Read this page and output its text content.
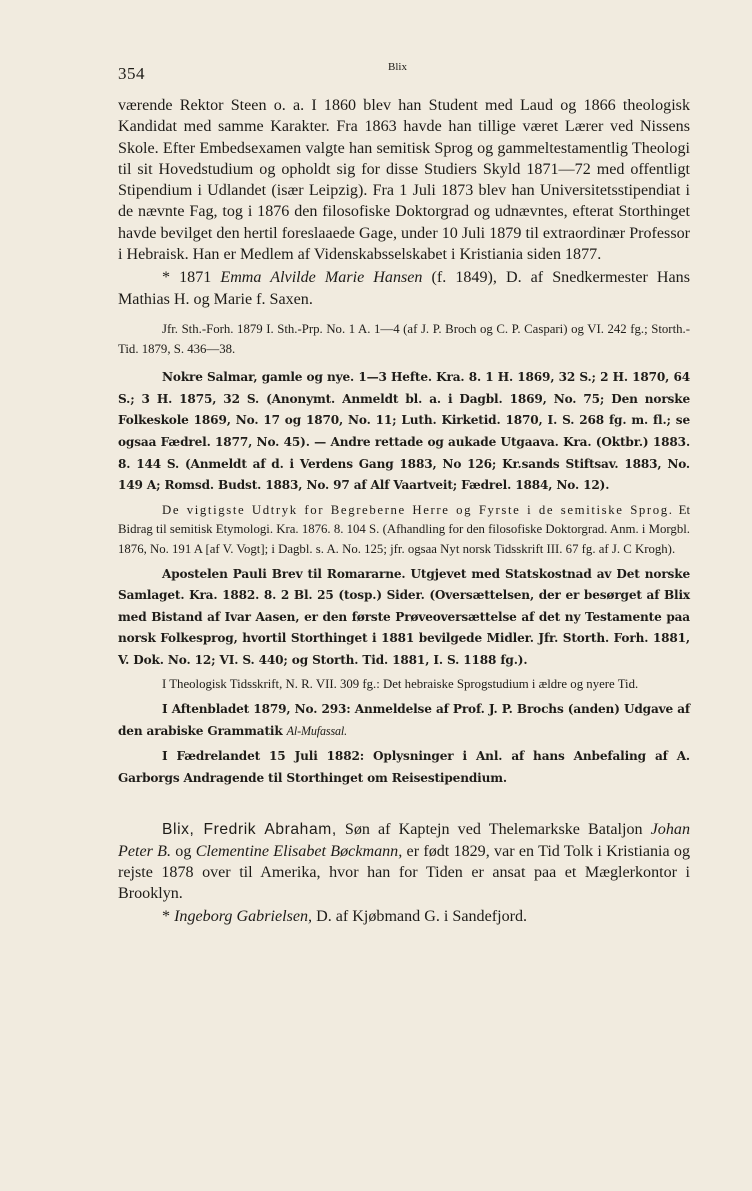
354	Blix

værende Rektor Steen o. a. I 1860 blev han Student med Laud og 1866 theologisk Kandidat med samme Karakter. Fra 1863 havde han tillige været Lærer ved Nissens Skole. Efter Embedsexamen valgte han semitisk Sprog og gammeltestamentlig Theologi til sit Hovedstudium og opholdt sig for disse Studiers Skyld 1871—72 med offentligt Stipendium i Udlandet (især Leipzig). Fra 1 Juli 1873 blev han Universitetsstipendiat i de nævnte Fag, tog i 1876 den filosofiske Doktorgrad og udnævntes, efterat Storthinget havde bevilget den hertil foreslaaede Gage, under 10 Juli 1879 til extraordinær Professor i Hebraisk. Han er Medlem af Videnskabsselskabet i Kristiania siden 1877.

* 1871 Emma Alvilde Marie Hansen (f. 1849), D. af Snedkermester Hans Mathias H. og Marie f. Saxen.

Jfr. Sth.-Forh. 1879 I. Sth.-Prp. No. 1 A. 1—4 (af J. P. Broch og C. P. Caspari) og VI. 242 fg.; Storth.-Tid. 1879, S. 436—38.

Nokre Salmar, gamle og nye. 1—3 Hefte. Kra. 8. 1 H. 1869, 32 S.; 2 H. 1870, 64 S.; 3 H. 1875, 32 S. (Anonymt. Anmeldt bl. a. i Dagbl. 1869, No. 75; Den norske Folkeskole 1869, No. 17 og 1870, No. 11; Luth. Kirketid. 1870, I. S. 268 fg. m. fl.; se ogsaa Fædrel. 1877, No. 45). — Andre rettade og aukade Utgaava. Kra. (Oktbr.) 1883. 8. 144 S. (Anmeldt af d. i Verdens Gang 1883, No 126; Kr.sands Stiftsav. 1883, No. 149 A; Romsd. Budst. 1883, No. 97 af Alf Vaartveit; Fædrel. 1884, No. 12).

De vigtigste Udtryk for Begreberne Herre og Fyrste i de semitiske Sprog. Et Bidrag til semitisk Etymologi. Kra. 1876. 8. 104 S. (Afhandling for den filosofiske Doktorgrad. Anm. i Morgbl. 1876, No. 191 A [af V. Vogt]; i Dagbl. s. A. No. 125; jfr. ogsaa Nyt norsk Tidsskrift III. 67 fg. af J. C Krogh).

Apostelen Pauli Brev til Romararne. Utgjevet med Statskostnad av Det norske Samlaget. Kra. 1882. 8. 2 Bl. 25 (tosp.) Sider. (Oversættelsen, der er besørget af Blix med Bistand af Ivar Aasen, er den første Prøveoversættelse af det ny Testamente paa norsk Folkesprog, hvortil Storthinget i 1881 bevilgede Midler. Jfr. Storth. Forh. 1881, V. Dok. No. 12; VI. S. 440; og Storth. Tid. 1881, I. S. 1188 fg.).

I Theologisk Tidsskrift, N. R. VII. 309 fg.: Det hebraiske Sprogstudium i ældre og nyere Tid.

I Aftenbladet 1879, No. 293: Anmeldelse af Prof. J. P. Brochs (anden) Udgave af den arabiske Grammatik Al-Mufassal.

I Fædrelandet 15 Juli 1882: Oplysninger i Anl. af hans Anbefaling af A. Garborgs Andragende til Storthinget om Reisestipendium.

Blix, Fredrik Abraham, Søn af Kaptejn ved Thelemarkske Bataljon Johan Peter B. og Clementine Elisabet Bøckmann, er født 1829, var en Tid Tolk i Kristiania og rejste 1878 over til Amerika, hvor han for Tiden er ansat paa et Mæglerkontor i Brooklyn.

* Ingeborg Gabrielsen, D. af Kjøbmand G. i Sandefjord.
